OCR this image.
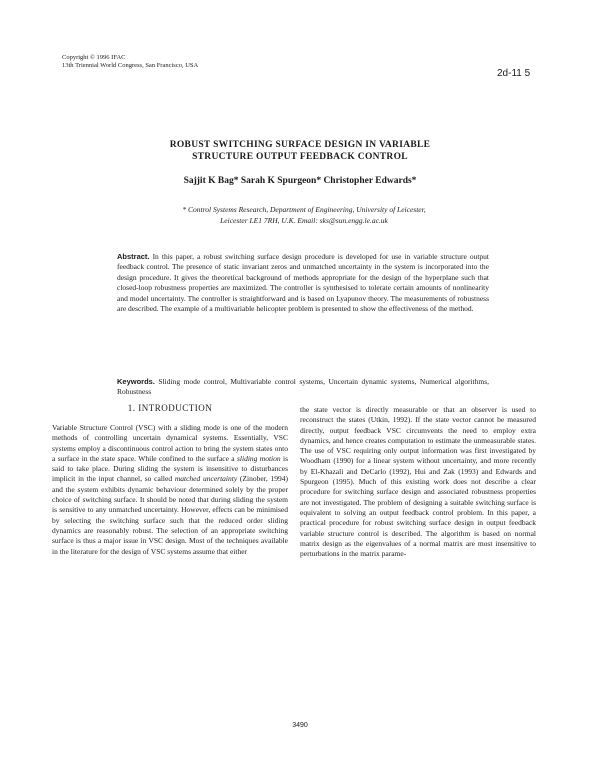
Copyright © 1996 IFAC
13th Triennial World Congress, San Francisco, USA
2d-11 5
ROBUST SWITCHING SURFACE DESIGN IN VARIABLE
STRUCTURE OUTPUT FEEDBACK CONTROL
Sajjit K Bag* Sarah K Spurgeon* Christopher Edwards*
* Control Systems Research, Department of Engineering, University of Leicester,
Leicester LE1 7RH, U.K. Email: sks@sun.engg.le.ac.uk
Abstract. In this paper, a robust switching surface design procedure is developed for use in variable structure output feedback control. The presence of static invariant zeros and unmatched uncertainty in the system is incorporated into the design procedure. It gives the theoretical background of methods appropriate for the design of the hyperplane such that closed-loop robustness properties are maximized. The controller is synthesised to tolerate certain amounts of nonlinearity and model uncertainty. The controller is straightforward and is based on Lyapunov theory. The measurements of robustness are described. The example of a multivariable helicopter problem is presented to show the effectiveness of the method.
Keywords. Sliding mode control, Multivariable control systems, Uncertain dynamic systems, Numerical algorithms, Robustness
1. INTRODUCTION
Variable Structure Control (VSC) with a sliding mode is one of the modern methods of controlling uncertain dynamical systems. Essentially, VSC systems employ a discontinuous control action to bring the system states onto a surface in the state space. While confined to the surface a sliding motion is said to take place. During sliding the system is insensitive to disturbances implicit in the input channel, so called matched uncertainty (Zinober, 1994) and the system exhibits dynamic behaviour determined solely by the proper choice of switching surface. It should be noted that during sliding the system is sensitive to any unmatched uncertainty. However, effects can be minimised by selecting the switching surface such that the reduced order sliding dynamics are reasonably robust. The selection of an appropriate switching surface is thus a major issue in VSC design. Most of the techniques available in the literature for the design of VSC systems assume that either
the state vector is directly measurable or that an observer is used to reconstruct the states (Utkin, 1992). If the state vector cannot be measured directly, output feedback VSC circumvents the need to employ extra dynamics, and hence creates computation to estimate the unmeasurable states. The use of VSC requiring only output information was first investigated by Woodham (1990) for a linear system without uncertainty, and more recently by El-Khazali and DeCarlo (1992), Hui and Zak (1993) and Edwards and Spurgeon (1995). Much of this existing work does not describe a clear procedure for switching surface design and associated robustness properties are not investigated. The problem of designing a suitable switching surface is equivalent to solving an output feedback control problem. In this paper, a practical procedure for robust switching surface design in output feedback variable structure control is described. The algorithm is based on normal matrix design as the eigenvalues of a normal matrix are most insensitive to perturbations in the matrix parame-
3490
